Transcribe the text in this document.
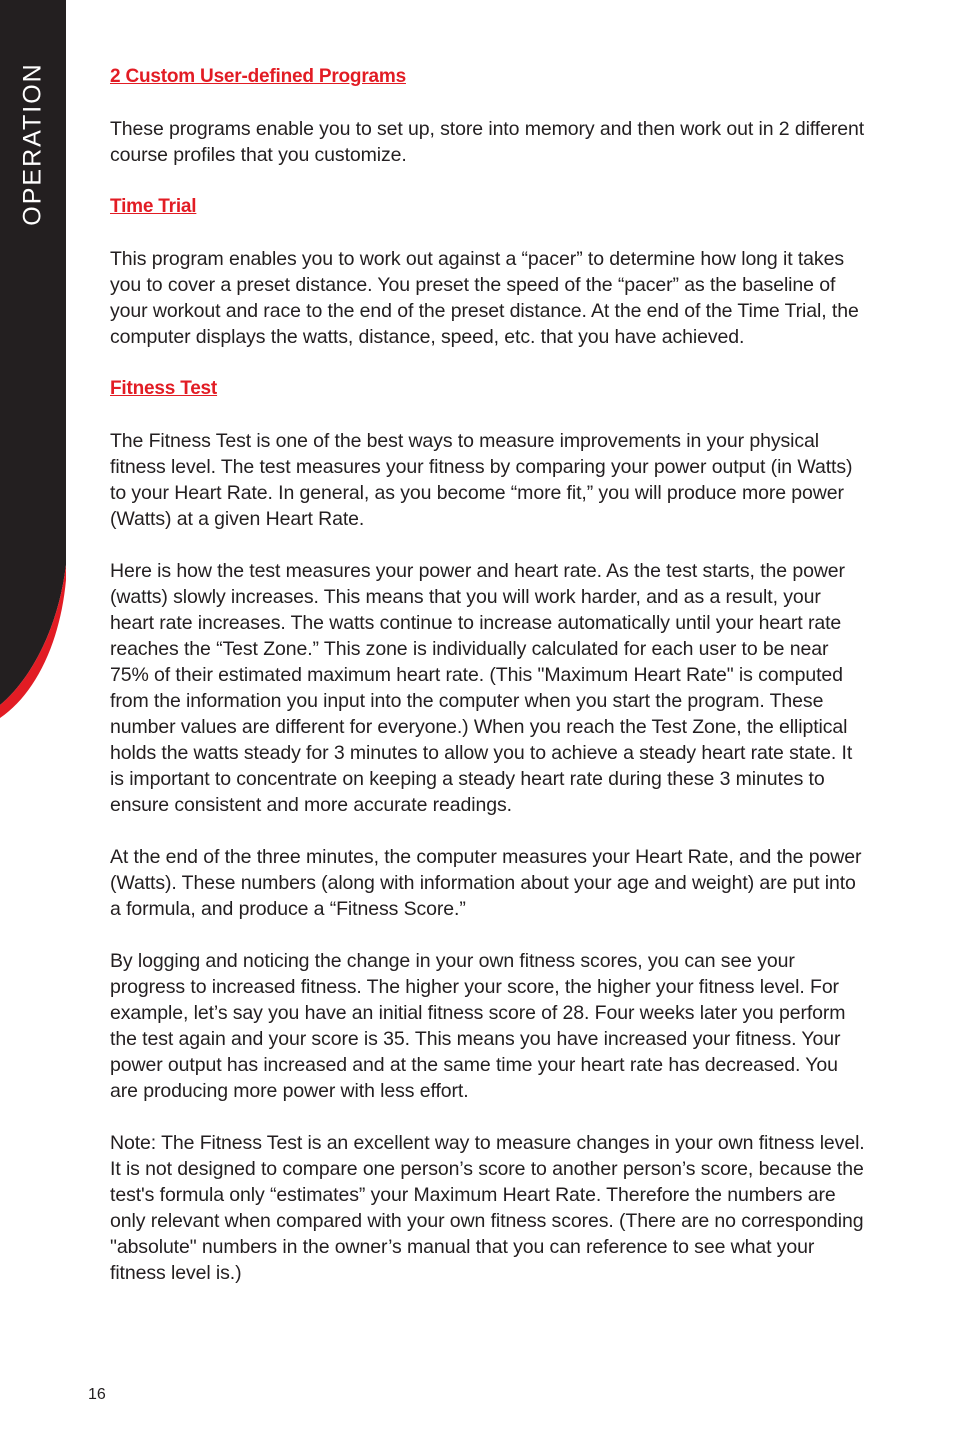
OPERATION	2 Custom User-defined Programs

These programs enable you to set up, store into memory and then work out in 2 different course profiles that you customize.

Time Trial

This program enables you to work out against a “pacer” to determine how long it takes you to cover a preset distance. You preset the speed of the “pacer” as the baseline of your workout and race to the end of the preset distance. At the end of the Time Trial, the computer displays the watts, distance, speed, etc. that you have achieved.

Fitness Test

The Fitness Test is one of the best ways to measure improvements in your physical fitness level. The test measures your fitness by comparing your power output (in Watts) to your Heart Rate. In general, as you become “more fit,” you will produce more power (Watts) at a given Heart Rate.

Here is how the test measures your power and heart rate. As the test starts, the power (watts) slowly increases. This means that you will work harder, and as a result, your heart rate increases. The watts continue to increase automatically until your heart rate reaches the “Test Zone.” This zone is individually calculated for each user to be near 75% of their estimated maximum heart rate. (This "Maximum Heart Rate" is computed from the information you input into the computer when you start the program. These number values are different for everyone.) When you reach the Test Zone, the elliptical holds the watts steady for 3 minutes to allow you to achieve a steady heart rate state. It is important to concentrate on keeping a steady heart rate during these 3 minutes to ensure consistent and more accurate readings.

At the end of the three minutes, the computer measures your Heart Rate, and the power (Watts). These numbers (along with information about your age and weight) are put into a formula, and produce a “Fitness Score.”

By logging and noticing the change in your own fitness scores, you can see your progress to increased fitness. The higher your score, the higher your fitness level. For example, let’s say you have an initial fitness score of 28. Four weeks later you perform the test again and your score is 35. This means you have increased your fitness. Your power output has increased and at the same time your heart rate has decreased. You are producing more power with less effort.

Note: The Fitness Test is an excellent way to measure changes in your own fitness level. It is not designed to compare one person’s score to another person’s score, because the test's formula only “estimates” your Maximum Heart Rate. Therefore the numbers are only relevant when compared with your own fitness scores. (There are no corresponding "absolute" numbers in the owner’s manual that you can reference to see what your fitness level is.)

16
